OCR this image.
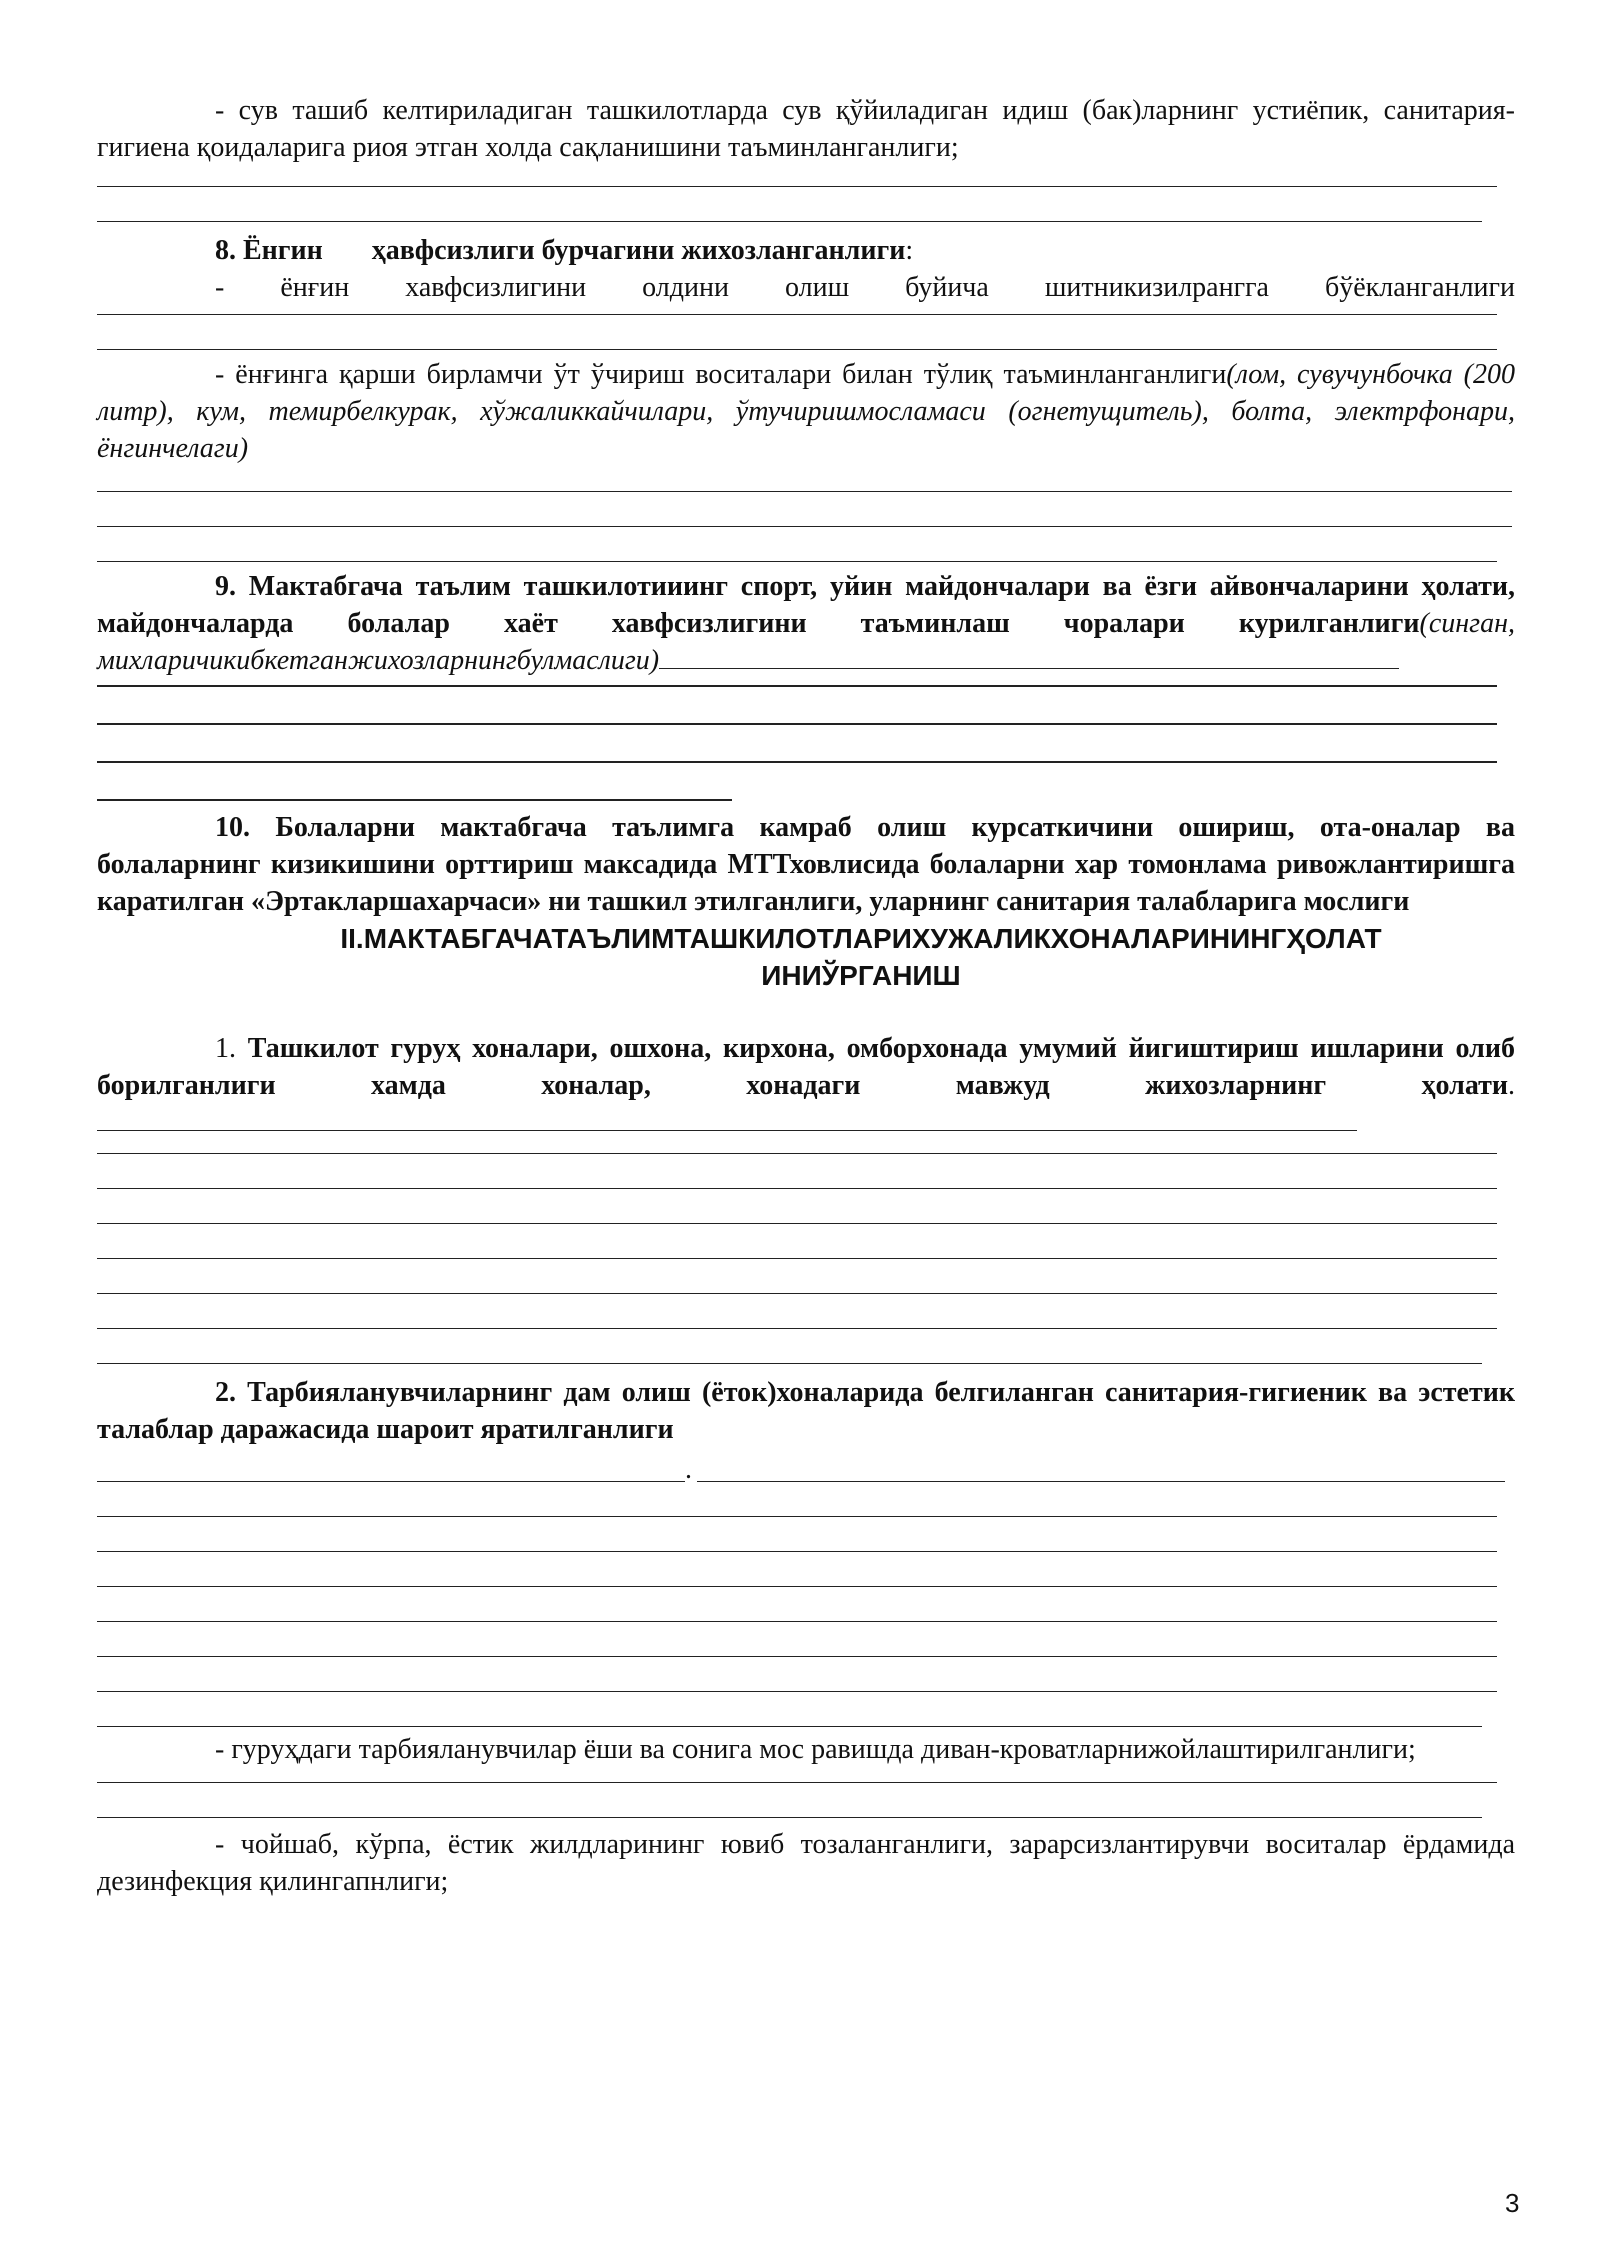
- сув ташиб келтириладиган ташкилотларда сув қўйиладиган идиш (бак)ларнинг устиёпик, санитария-гигиена қоидаларига риоя этган холда сақланишини таъминланганлиги;

8. Ёнгин       ҳавфсизлиги бурчагини жихозланганлиги:

- ёнғин хавфсизлигини олдини олиш буйича шитникизилрангга бўёкланганлиги

- ёнғинга қарши бирламчи ўт ўчириш воситалари билан тўлиқ таъминланганлиги(лом, сувучунбочка (200 литр), кум, темирбелкурак, хўжаликкайчилари, ўтучиришмосламаси (огнетущитель), болта, электрфонари, ёнгинчелаги)

9. Мактабгача таълим ташкилотииинг спорт, уйин майдончалари ва ёзги айвончаларини ҳолати, майдончаларда болалар хаёт хавфсизлигини таъминлаш чоралари курилганлиги(синган, михларичикибкетганжихозларнингбулмаслиги)

10. Болаларни мактабгача таълимга камраб олиш курсаткичини ошириш, ота-оналар ва болаларнинг кизикишини орттириш максадида МТТховлисида болаларни хар томонлама ривожлантиришга каратилган «Эртакларшахарчаси» ни ташкил этилганлиги, уларнинг санитария талабларига мослиги

II.МАКТАБГАЧАТАЪЛИМТАШКИЛОТЛАРИХУЖАЛИКХОНАЛАРИНИНГҲОЛАТ

ИНИЎРГАНИШ

1. Ташкилот гуруҳ хоналари, ошхона, кирхона, омборхонада умумий йигиштириш ишларини олиб борилганлиги хамда хоналар, хонадаги мавжуд жихозларнинг ҳолати.

2. Тарбияланувчиларнинг дам олиш (ёток)хоналарида белгиланган санитария-гигиеник ва эстетик талаблар даражасида шароит яратилганлиги

.

- гуруҳдаги тарбияланувчилар ёши ва сонига мос равишда диван-кроватларнижойлаштирилганлиги;

- чойшаб, кўрпа, ёстик жилдларининг ювиб тозаланганлиги, зарарсизлантирувчи воситалар ёрдамида дезинфекция қилингапнлиги;

3
